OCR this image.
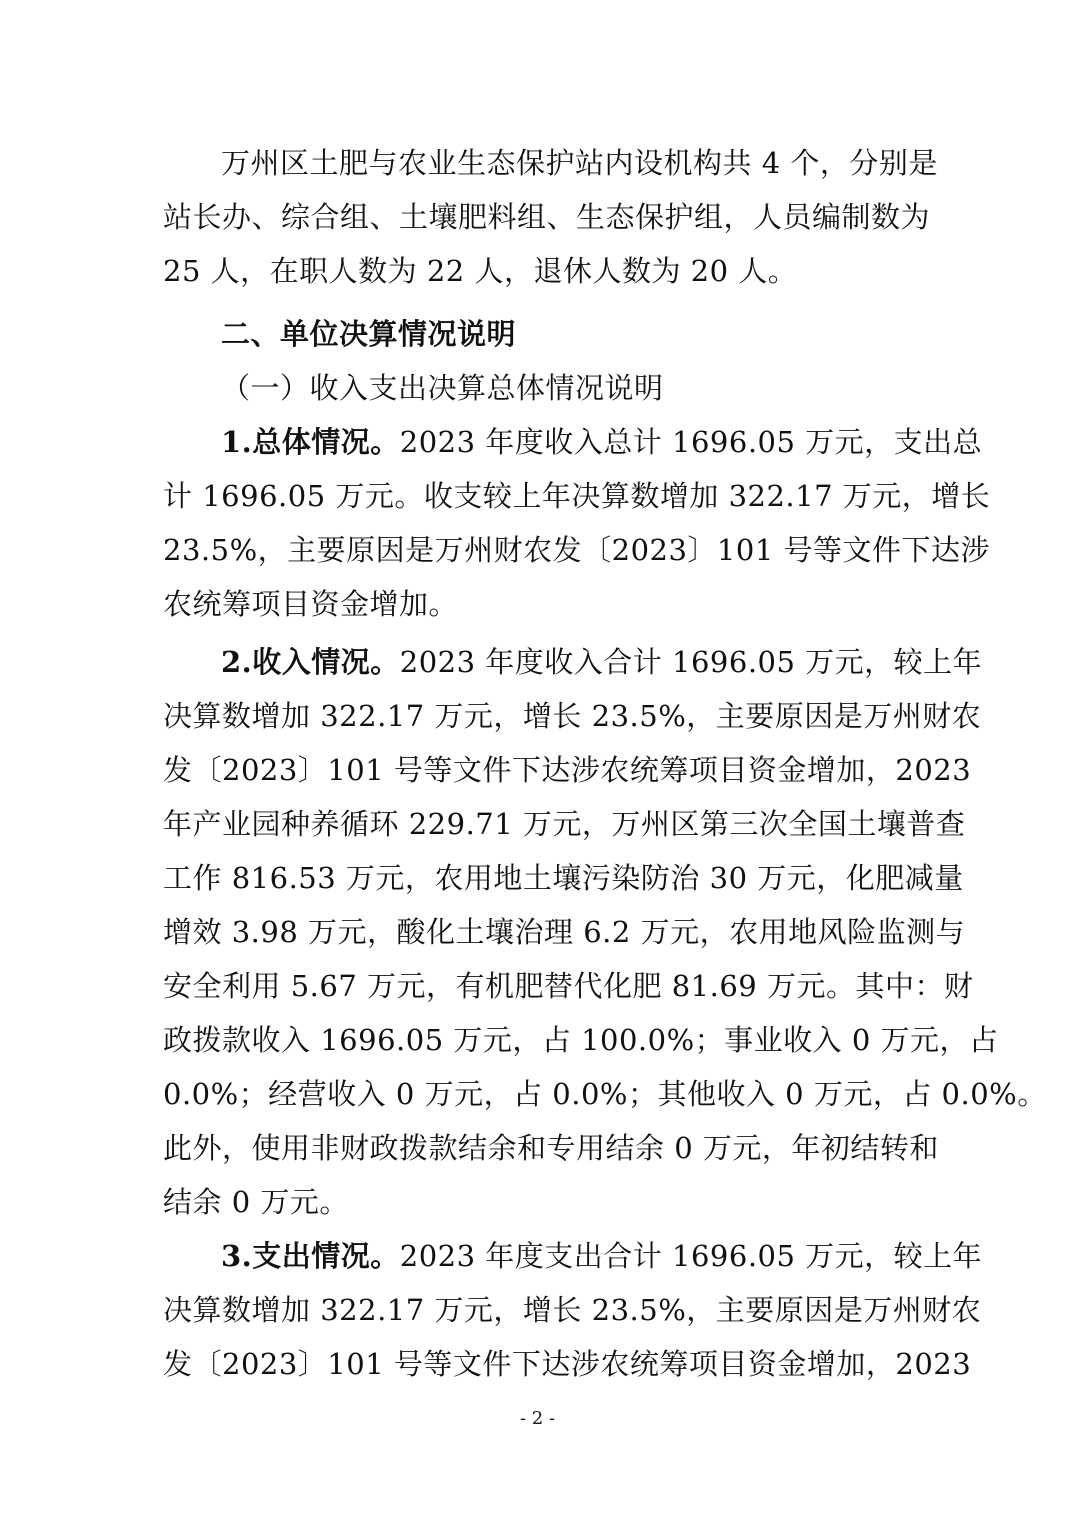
万州区土肥与农业生态保护站内设机构共 4 个，分别是
站长办、综合组、土壤肥料组、生态保护组，人员编制数为
25 人，在职人数为 22 人，退休人数为 20 人。
二、单位决算情况说明
（一）收入支出决算总体情况说明
1.总体情况。2023 年度收入总计 1696.05 万元，支出总
计 1696.05 万元。收支较上年决算数增加 322.17 万元，增长
23.5%，主要原因是万州财农发〔2023〕101 号等文件下达涉
农统筹项目资金增加。
2.收入情况。2023 年度收入合计 1696.05 万元，较上年
决算数增加 322.17 万元，增长 23.5%，主要原因是万州财农
发〔2023〕101 号等文件下达涉农统筹项目资金增加，2023
年产业园种养循环 229.71 万元，万州区第三次全国土壤普查
工作 816.53 万元，农用地土壤污染防治 30 万元，化肥减量
增效 3.98 万元，酸化土壤治理 6.2 万元，农用地风险监测与
安全利用 5.67 万元，有机肥替代化肥 81.69 万元。其中：财
政拨款收入 1696.05 万元，占 100.0%；事业收入 0 万元，占
0.0%；经营收入 0 万元，占 0.0%；其他收入 0 万元，占 0.0%。
此外，使用非财政拨款结余和专用结余 0 万元，年初结转和
结余 0 万元。
3.支出情况。2023 年度支出合计 1696.05 万元，较上年
决算数增加 322.17 万元，增长 23.5%，主要原因是万州财农
发〔2023〕101 号等文件下达涉农统筹项目资金增加，2023
- 2 -
